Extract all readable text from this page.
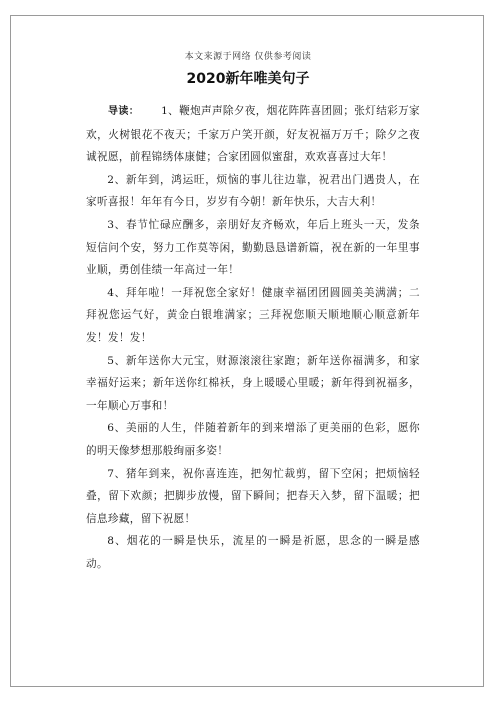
本文来源于网络 仅供参考阅读
2020新年唯美句子

导读： 1、鞭炮声声除夕夜，烟花阵阵喜团圆；张灯结彩万家欢，火树银花不夜天；千家万户笑开颜，好友祝福万万千；除夕之夜诚祝愿，前程锦绣体康健；合家团圆似蜜甜，欢欢喜喜过大年！

2、新年到，鸿运旺，烦恼的事儿往边靠，祝君出门遇贵人，在家听喜报！年年有今日，岁岁有今朝！新年快乐，大吉大利！

3、春节忙碌应酬多，亲朋好友齐畅欢，年后上班头一天，发条短信问个安，努力工作莫等闲，勤勤恳恳谱新篇，祝在新的一年里事业顺，勇创佳绩一年高过一年！

4、拜年啦！一拜祝您全家好！健康幸福团团圆圆美美满满；二拜祝您运气好，黄金白银堆满家；三拜祝您顺天顺地顺心顺意新年发！发！发！

5、新年送你大元宝，财源滚滚往家跑；新年送你福满多，和家幸福好运来；新年送你红棉袄，身上暖暖心里暖；新年得到祝福多，一年顺心万事和！

6、美丽的人生，伴随着新年的到来增添了更美丽的色彩，愿你的明天像梦想那般绚丽多姿！

7、猪年到来，祝你喜连连，把匆忙裁剪，留下空闲；把烦恼轻叠，留下欢颜；把脚步放慢，留下瞬间；把春天入梦，留下温暖；把信息珍藏，留下祝愿！

8、烟花的一瞬是快乐，流星的一瞬是祈愿，思念的一瞬是感动。
